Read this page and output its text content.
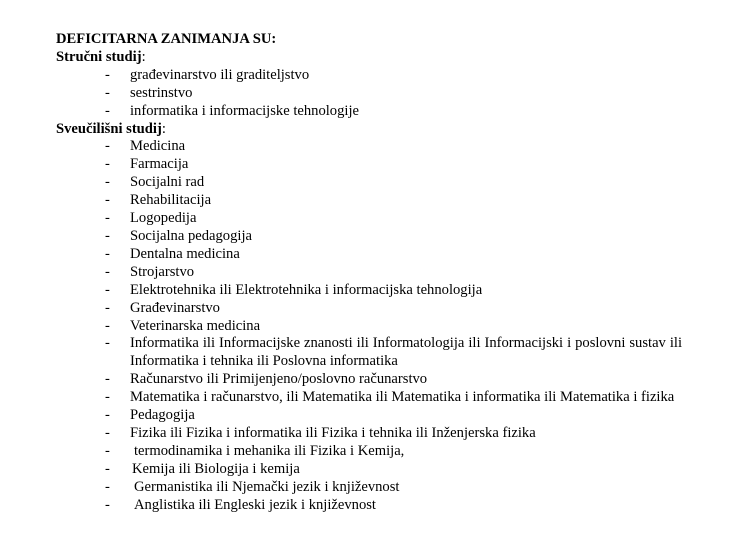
DEFICITARNA ZANIMANJA SU:
Stručni studij:
- građevinarstvo ili graditeljstvo
- sestrinstvo
- informatika i informacijske tehnologije
Sveučilišni studij:
- Medicina
- Farmacija
- Socijalni rad
- Rehabilitacija
- Logopedija
- Socijalna pedagogija
- Dentalna medicina
- Strojarstvo
- Elektrotehnika ili Elektrotehnika i informacijska tehnologija
- Građevinarstvo
- Veterinarska medicina
- Informatika ili Informacijske znanosti ili Informatologija ili Informacijski i poslovni sustav ili Informatika i tehnika ili Poslovna informatika
- Računarstvo ili Primijenjeno/poslovno računarstvo
- Matematika i računarstvo, ili Matematika ili Matematika i informatika ili Matematika i fizika
- Pedagogija
- Fizika ili Fizika i informatika ili Fizika i tehnika ili Inženjerska fizika
- termodinamika i mehanika ili Fizika i Kemija,
- Kemija ili Biologija i kemija
- Germanistika ili Njemački jezik i književnost
- Anglistika ili Engleski jezik i književnost
